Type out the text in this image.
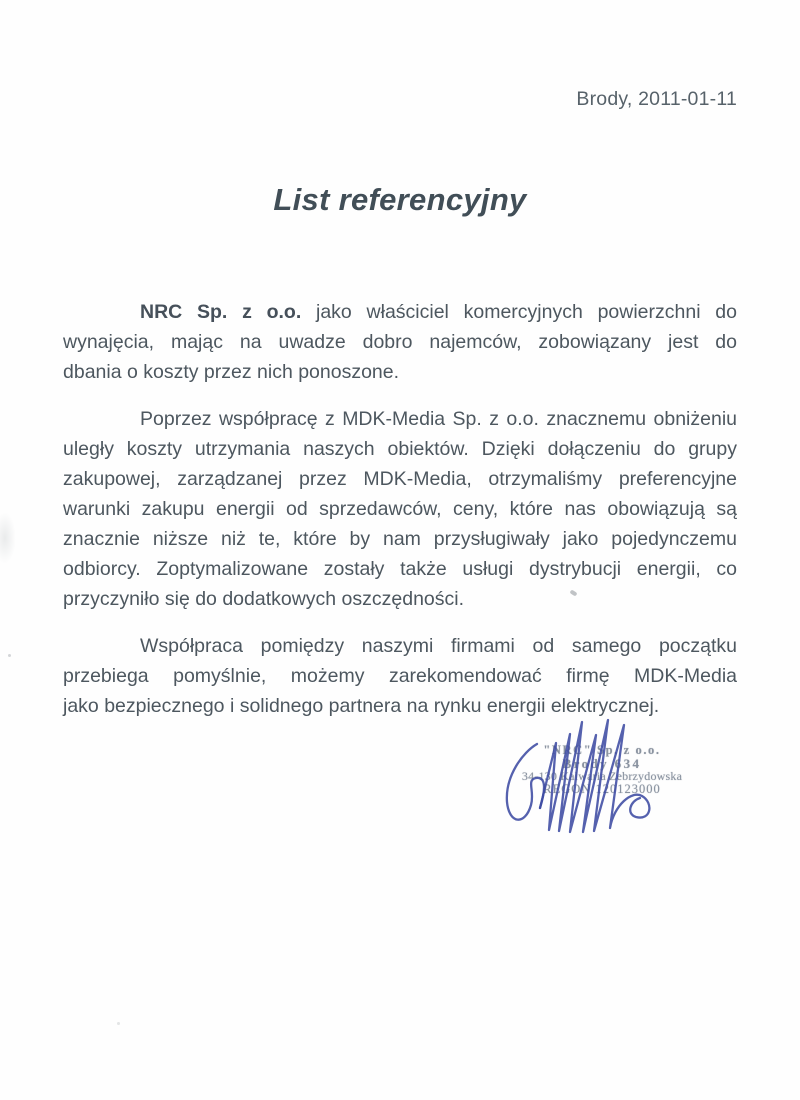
Brody, 2011-01-11
List referencyjny
NRC Sp. z o.o. jako właściciel komercyjnych powierzchni do
wynajęcia, mając na uwadze dobro najemców, zobowiązany jest do
dbania o koszty przez nich ponoszone.
Poprzez współpracę z MDK-Media Sp. z o.o. znacznemu obniżeniu
uległy koszty utrzymania naszych obiektów. Dzięki dołączeniu do grupy
zakupowej, zarządzanej przez MDK-Media, otrzymaliśmy preferencyjne
warunki zakupu energii od sprzedawców, ceny, które nas obowiązują są
znacznie niższe niż te, które by nam przysługiwały jako pojedynczemu
odbiorcy. Zoptymalizowane zostały także usługi dystrybucji energii, co
przyczyniło się do dodatkowych oszczędności.
Współpraca pomiędzy naszymi firmami od samego początku
przebiega pomyślnie, możemy zarekomendować firmę MDK-Media
jako bezpiecznego i solidnego partnera na rynku energii elektrycznej.
"NRC" Sp. z o.o.
Brody 634
34-130 Kalwaria Zebrzydowska
REGON 120123000
